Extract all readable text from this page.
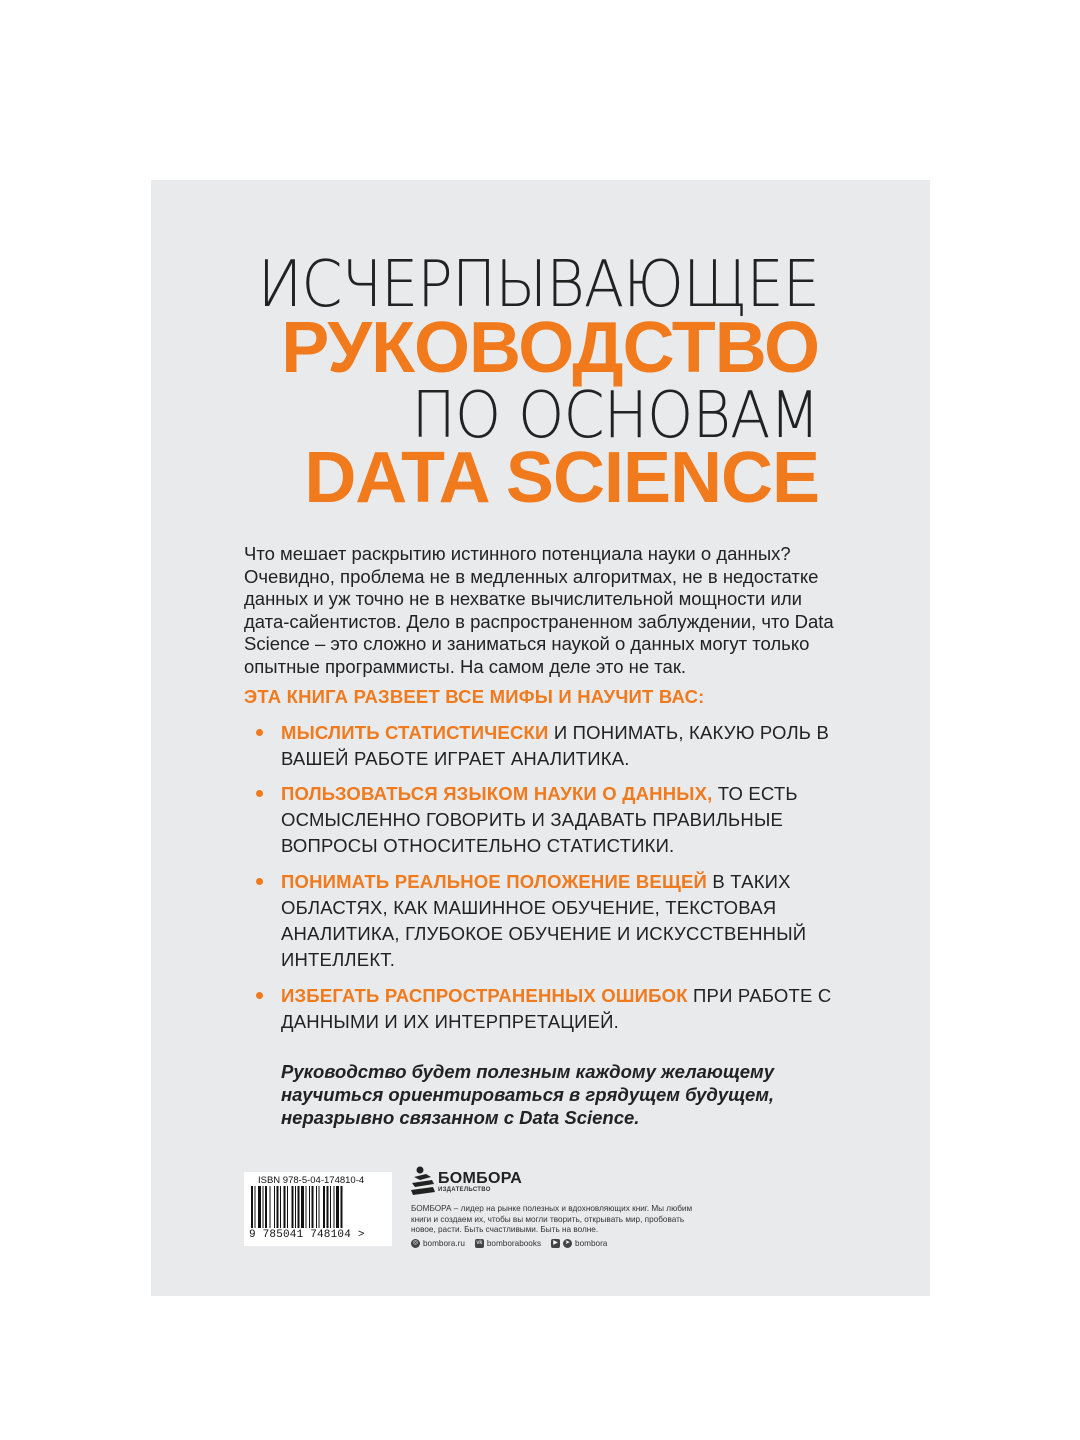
ИСЧЕРПЫВАЮЩЕЕ
РУКОВОДСТВО
ПО ОСНОВАМ
DATA SCIENCE

Что мешает раскрытию истинного потенциала науки о данных? Очевидно, проблема не в медленных алгоритмах, не в недостатке данных и уж точно не в нехватке вычислительной мощности или дата-сайентистов. Дело в распространенном заблуждении, что Data Science – это сложно и заниматься наукой о данных могут только опытные программисты. На самом деле это не так.

ЭТА КНИГА РАЗВЕЕТ ВСЕ МИФЫ И НАУЧИТ ВАС:

МЫСЛИТЬ СТАТИСТИЧЕСКИ И ПОНИМАТЬ, КАКУЮ РОЛЬ В ВАШЕЙ РАБОТЕ ИГРАЕТ АНАЛИТИКА.

ПОЛЬЗОВАТЬСЯ ЯЗЫКОМ НАУКИ О ДАННЫХ, ТО ЕСТЬ ОСМЫСЛЕННО ГОВОРИТЬ И ЗАДАВАТЬ ПРАВИЛЬНЫЕ ВОПРОСЫ ОТНОСИТЕЛЬНО СТАТИСТИКИ.

ПОНИМАТЬ РЕАЛЬНОЕ ПОЛОЖЕНИЕ ВЕЩЕЙ В ТАКИХ ОБЛАСТЯХ, КАК МАШИННОЕ ОБУЧЕНИЕ, ТЕКСТОВАЯ АНАЛИТИКА, ГЛУБОКОЕ ОБУЧЕНИЕ И ИСКУССТВЕННЫЙ ИНТЕЛЛЕКТ.

ИЗБЕГАТЬ РАСПРОСТРАНЕННЫХ ОШИБОК ПРИ РАБОТЕ С ДАННЫМИ И ИХ ИНТЕРПРЕТАЦИЕЙ.

Руководство будет полезным каждому желающему научиться ориентироваться в грядущем будущем, неразрывно связанном с Data Science.

ISBN 978-5-04-174810-4
9 785041 748104 >
БОМБОРА
ИЗДАТЕЛЬСТВО

БОМБОРА – лидер на рынке полезных и вдохновляющих книг. Мы любим книги и создаем их, чтобы вы могли творить, открывать мир, пробовать новое, расти. Быть счастливыми. Быть на волне.

◎ bombora.ru vk bomborabooks	▶	➤ bombora
